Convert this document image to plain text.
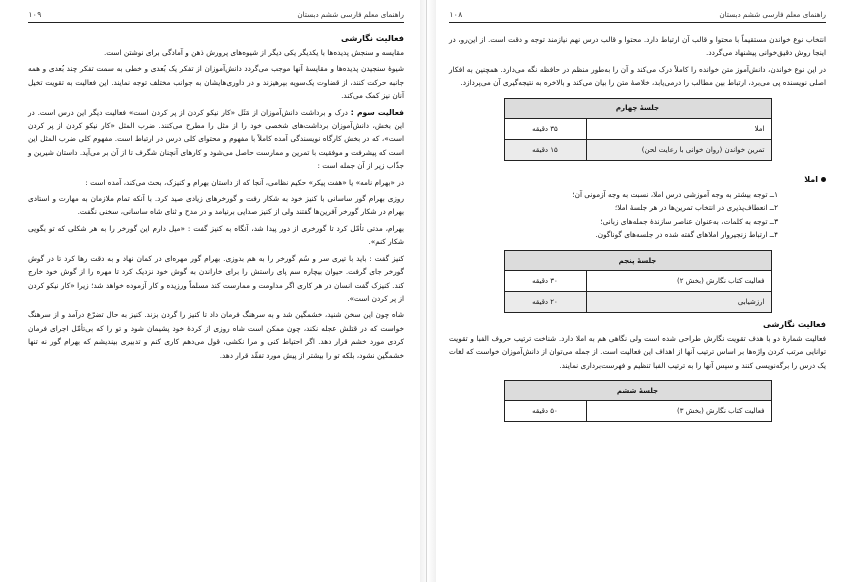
راهنمای معلم فارسی ششم دبستان
۱۰۹
فعالیت نگارشی

مقایسه و سنجش پدیده‌ها با یکدیگر یکی دیگر از شیوه‌های پرورش ذهن و آمادگی برای نوشتن است.

شیوهٔ سنجیدن پدیده‌ها و مقایسهٔ آنها موجب می‌گردد دانش‌آموزان از تفکر یک بُعدی و خطی به سمت تفکر چند بُعدی و همه جانبه حرکت کنند، از قضاوت یک‌سویه بپرهیزند و در داوری‌هایشان به جوانب مختلف توجه نمایند. این فعالیت به تقویت تخیل آنان نیز کمک می‌کند.

فعالیت سوم : درک و برداشت دانش‌آموزان از مَثَل «کار نیکو کردن از پر کردن است» فعالیت دیگر این درس است. در این بخش، دانش‌آموزان برداشت‌های شخصی خود را از مثل را مطرح می‌کنند. ضرب المثل «کار نیکو کردن از پر کردن است»، که در بخش کارگاه نویسندگی آمده کاملاً با مفهوم و محتوای کلی درس در ارتباط است. مفهوم کلی ضرب المثل این است که پیشرفت و موفقیت با تمرین و ممارست حاصل می‌شود و کارهای آنچنان شگرف تا از آن بر می‌آید. داستان شیرین و جذّاب زیر از آن جمله است :

در «بهرام نامه» یا «هفت پیکر» حکیم نظامی، آنجا که از داستان بهرام و کنیزک، بحث می‌کند، آمده است :

روزی بهرام گور ساسانی با کنیز خود به شکار رفت و گورخرهای زیادی صید کرد. با آنکه تمام ملازمان به مهارت و استادی بهرام در شکار گورخر آفرین‌ها گفتند ولی از کنیز صدایی برنیامد و در مدح و ثنای شاه ساسانی، سخنی نگفت.

بهرام، مدتی تأمّل کرد تا گورخری از دور پیدا شد، آنگاه به کنیز گفت : «میل دارم این گورخر را به هر شکلی که تو بگویی شکار کنم».

کنیز گفت : باید با تیری سر و سُم گورخر را به هم بدوزی. بهرام گور مهره‌ای در کمان نهاد و به دقت رها کرد تا در گوش گورخر جای گرفت. حیوان بیچاره سم پای راستش را برای خاراندن به گوش خود نزدیک کرد تا مهره را از گوش خود خارج کند. کنیزک گفت انسان در هر کاری اگر مداومت و ممارست کند مسلماً ورزیده و کار آزموده خواهد شد؛ زیرا «کار نیکو کردن از پر کردن است».

شاه چون این سخن شنید، خشمگین شد و به سرهنگ فرمان داد تا کنیز را گردن بزند. کنیز به حال تضرّع درآمد و از سرهنگ خواست که در قتلش عجله نکند، چون ممکن است شاه روزی از کردهٔ خود پشیمان شود و تو را که بی‌تأمّل اجرای فرمان کردی مورد خشم قرار دهد. اگر احتیاط کنی و مرا نکشی، قول می‌دهم کاری کنم و تدبیری بیندیشم که بهرام گور نه تنها خشمگین نشود، بلکه تو را بیشتر از پیش مورد تفقّد قرار دهد.

راهنمای معلم فارسی ششم دبستان
۱۰۸

انتخاب نوع خواندن مستقیماً با محتوا و قالب آن ارتباط دارد. محتوا و قالب درس نهم نیازمند توجه و دقت است. از این‌رو، در اینجا روش دقیق‌خوانی پیشنهاد می‌گردد.

در این نوع خواندن، دانش‌آموز متن خوانده را کاملاً درک می‌کند و آن را به‌طور منظم در حافظه نگه می‌دارد. همچنین به افکار اصلی نویسنده پی می‌برد، ارتباط بین مطالب را درمی‌یابد، خلاصهٔ متن را بیان می‌کند و بالاخره به نتیجه‌گیری آن می‌پردازد.

جلسهٔ چهارم	
املا	۳۵ دقیقه
تمرین خواندن (روان خوانی با رعایت لحن)	۱۵ دقیقه
املا
۱ــ توجه بیشتر به وجه آموزشی درس املا، نسبت به وجه آزمونی آن؛
۲ــ انعطاف‌پذیری در انتخاب تمرین‌ها در هر جلسهٔ املا؛
۳ــ توجه به کلمات، به‌عنوان عناصر سازندهٔ جمله‌های زبانی؛
۴ــ ارتباط زنجیروار املاهای گفته شده در جلسه‌های گوناگون.
جلسهٔ پنجم	
فعالیت کتاب نگارش (بخش ۲)	۳۰ دقیقه
ارزشیابی	۲۰ دقیقه
فعالیت نگارشی

فعالیت شمارهٔ دو با هدف تقویت نگارش طراحی شده است ولی نگاهی هم به املا دارد. شناخت ترتیب حروف الفبا و تقویت توانایی مرتب کردن واژه‌ها بر اساس ترتیب آنها از اهداف این فعالیت است. از جمله می‌توان از دانش‌آموزان خواست که لغات یک درس را برگه‌نویسی کنند و سپس آنها را به ترتیب الفبا تنظیم و فهرست‌برداری نمایند.

جلسهٔ ششم
فعالیت کتاب نگارش (بخش ۳)	۵۰ دقیقه
